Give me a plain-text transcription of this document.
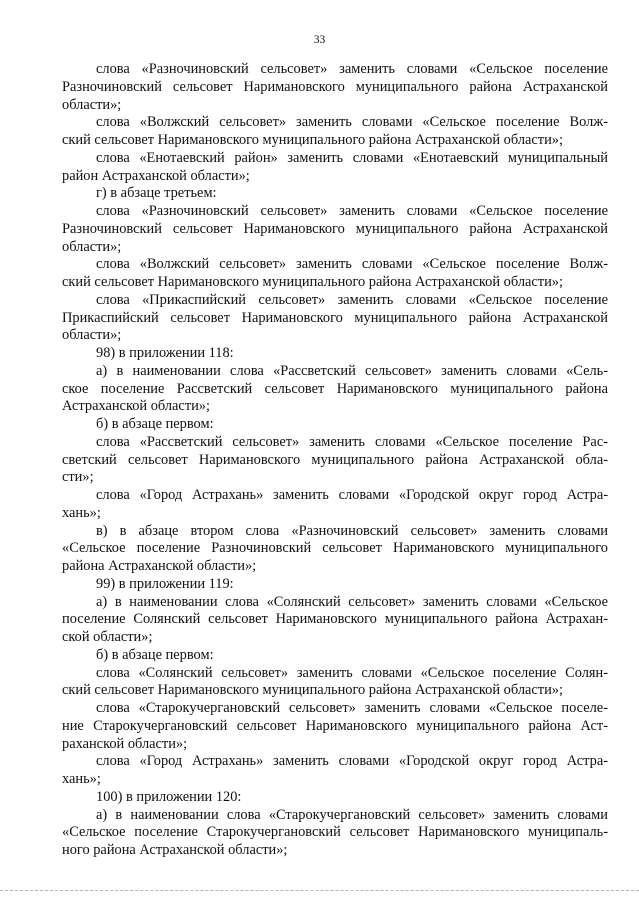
33
слова «Разночиновский сельсовет» заменить словами «Сельское поселение
Разночиновский сельсовет Наримановского муниципального района Астраханской
области»;
слова «Волжский сельсовет» заменить словами «Сельское поселение Волж-
ский сельсовет Наримановского муниципального района Астраханской области»;
слова «Енотаевский район» заменить словами «Енотаевский муниципальный
район Астраханской области»;
г) в абзаце третьем:
слова «Разночиновский сельсовет» заменить словами «Сельское поселение
Разночиновский сельсовет Наримановского муниципального района Астраханской
области»;
слова «Волжский сельсовет» заменить словами «Сельское поселение Волж-
ский сельсовет Наримановского муниципального района Астраханской области»;
слова «Прикаспийский сельсовет» заменить словами «Сельское поселение
Прикаспийский сельсовет Наримановского муниципального района Астраханской
области»;
98) в приложении 118:
а) в наименовании слова «Рассветский сельсовет» заменить словами «Сель-
ское поселение Рассветский сельсовет Наримановского муниципального района
Астраханской области»;
б) в абзаце первом:
слова «Рассветский сельсовет» заменить словами «Сельское поселение Рас-
светский сельсовет Наримановского муниципального района Астраханской обла-
сти»;
слова «Город Астрахань» заменить словами «Городской округ город Астра-
хань»;
в) в абзаце втором слова «Разночиновский сельсовет» заменить словами
«Сельское поселение Разночиновский сельсовет Наримановского муниципального
района Астраханской области»;
99) в приложении 119:
а) в наименовании слова «Солянский сельсовет» заменить словами «Сельское
поселение Солянский сельсовет Наримановского муниципального района Астрахан-
ской области»;
б) в абзаце первом:
слова «Солянский сельсовет» заменить словами «Сельское поселение Солян-
ский сельсовет Наримановского муниципального района Астраханской области»;
слова «Старокучергановский сельсовет» заменить словами «Сельское поселе-
ние Старокучергановский сельсовет Наримановского муниципального района Аст-
раханской области»;
слова «Город Астрахань» заменить словами «Городской округ город Астра-
хань»;
100) в приложении 120:
а) в наименовании слова «Старокучергановский сельсовет» заменить словами
«Сельское поселение Старокучергановский сельсовет Наримановского муниципаль-
ного района Астраханской области»;
